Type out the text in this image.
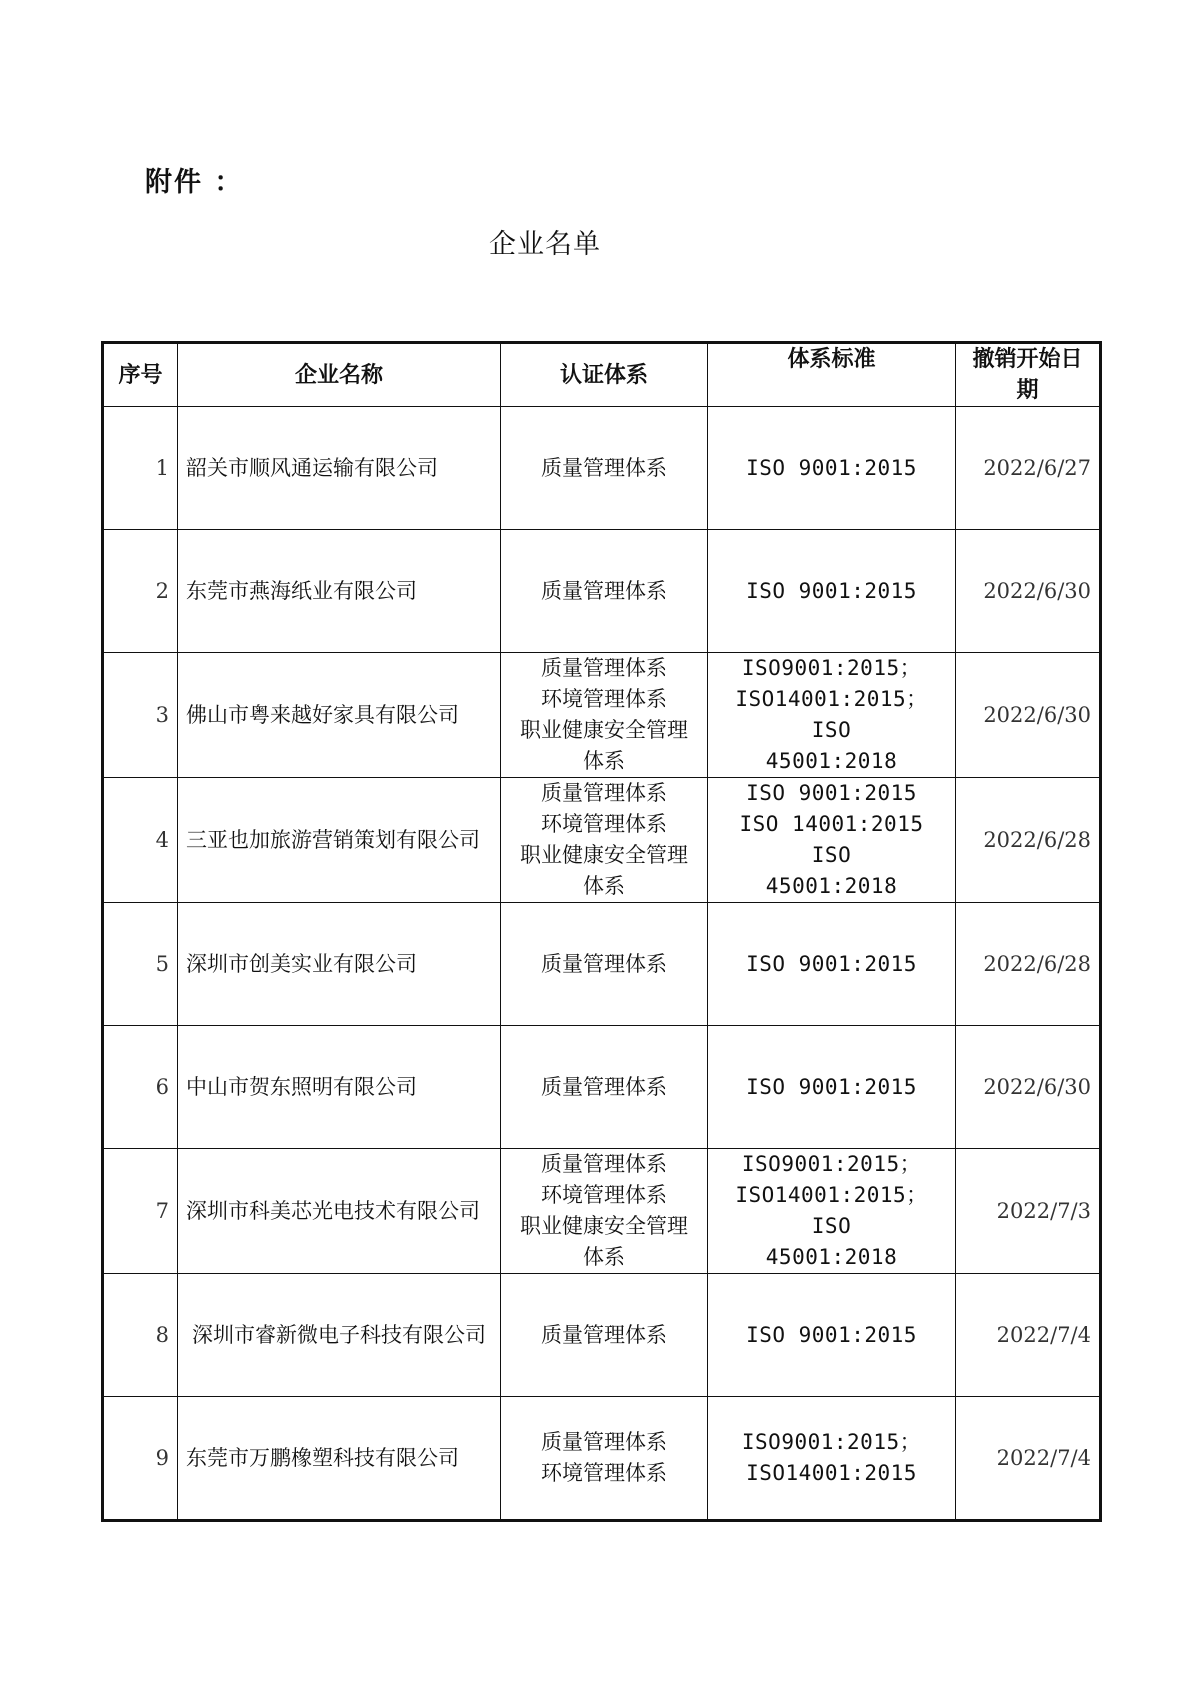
附件 ：
企业名单
序号	企业名称	认证体系	体系标准	撤销开始日期
1	韶关市顺风通运输有限公司	质量管理体系	ISO 9001:2015	2022/6/27
2	东莞市燕海纸业有限公司	质量管理体系	ISO 9001:2015	2022/6/30
3	佛山市粤来越好家具有限公司	质量管理体系
环境管理体系
职业健康安全管理
体系	ISO9001:2015；
ISO14001:2015；ISO
45001:2018	2022/6/30
4	三亚也加旅游营销策划有限公司	质量管理体系
环境管理体系
职业健康安全管理
体系	ISO 9001:2015
ISO 14001:2015 ISO
45001:2018	2022/6/28
5	深圳市创美实业有限公司	质量管理体系	ISO 9001:2015	2022/6/28
6	中山市贺东照明有限公司	质量管理体系	ISO 9001:2015	2022/6/30
7	深圳市科美芯光电技术有限公司	质量管理体系
环境管理体系
职业健康安全管理
体系	ISO9001:2015；
ISO14001:2015；ISO
45001:2018	2022/7/3
8	深圳市睿新微电子科技有限公司	质量管理体系	ISO 9001:2015	2022/7/4
9	东莞市万鹏橡塑科技有限公司	质量管理体系
环境管理体系	ISO9001:2015；
ISO14001:2015	2022/7/4
